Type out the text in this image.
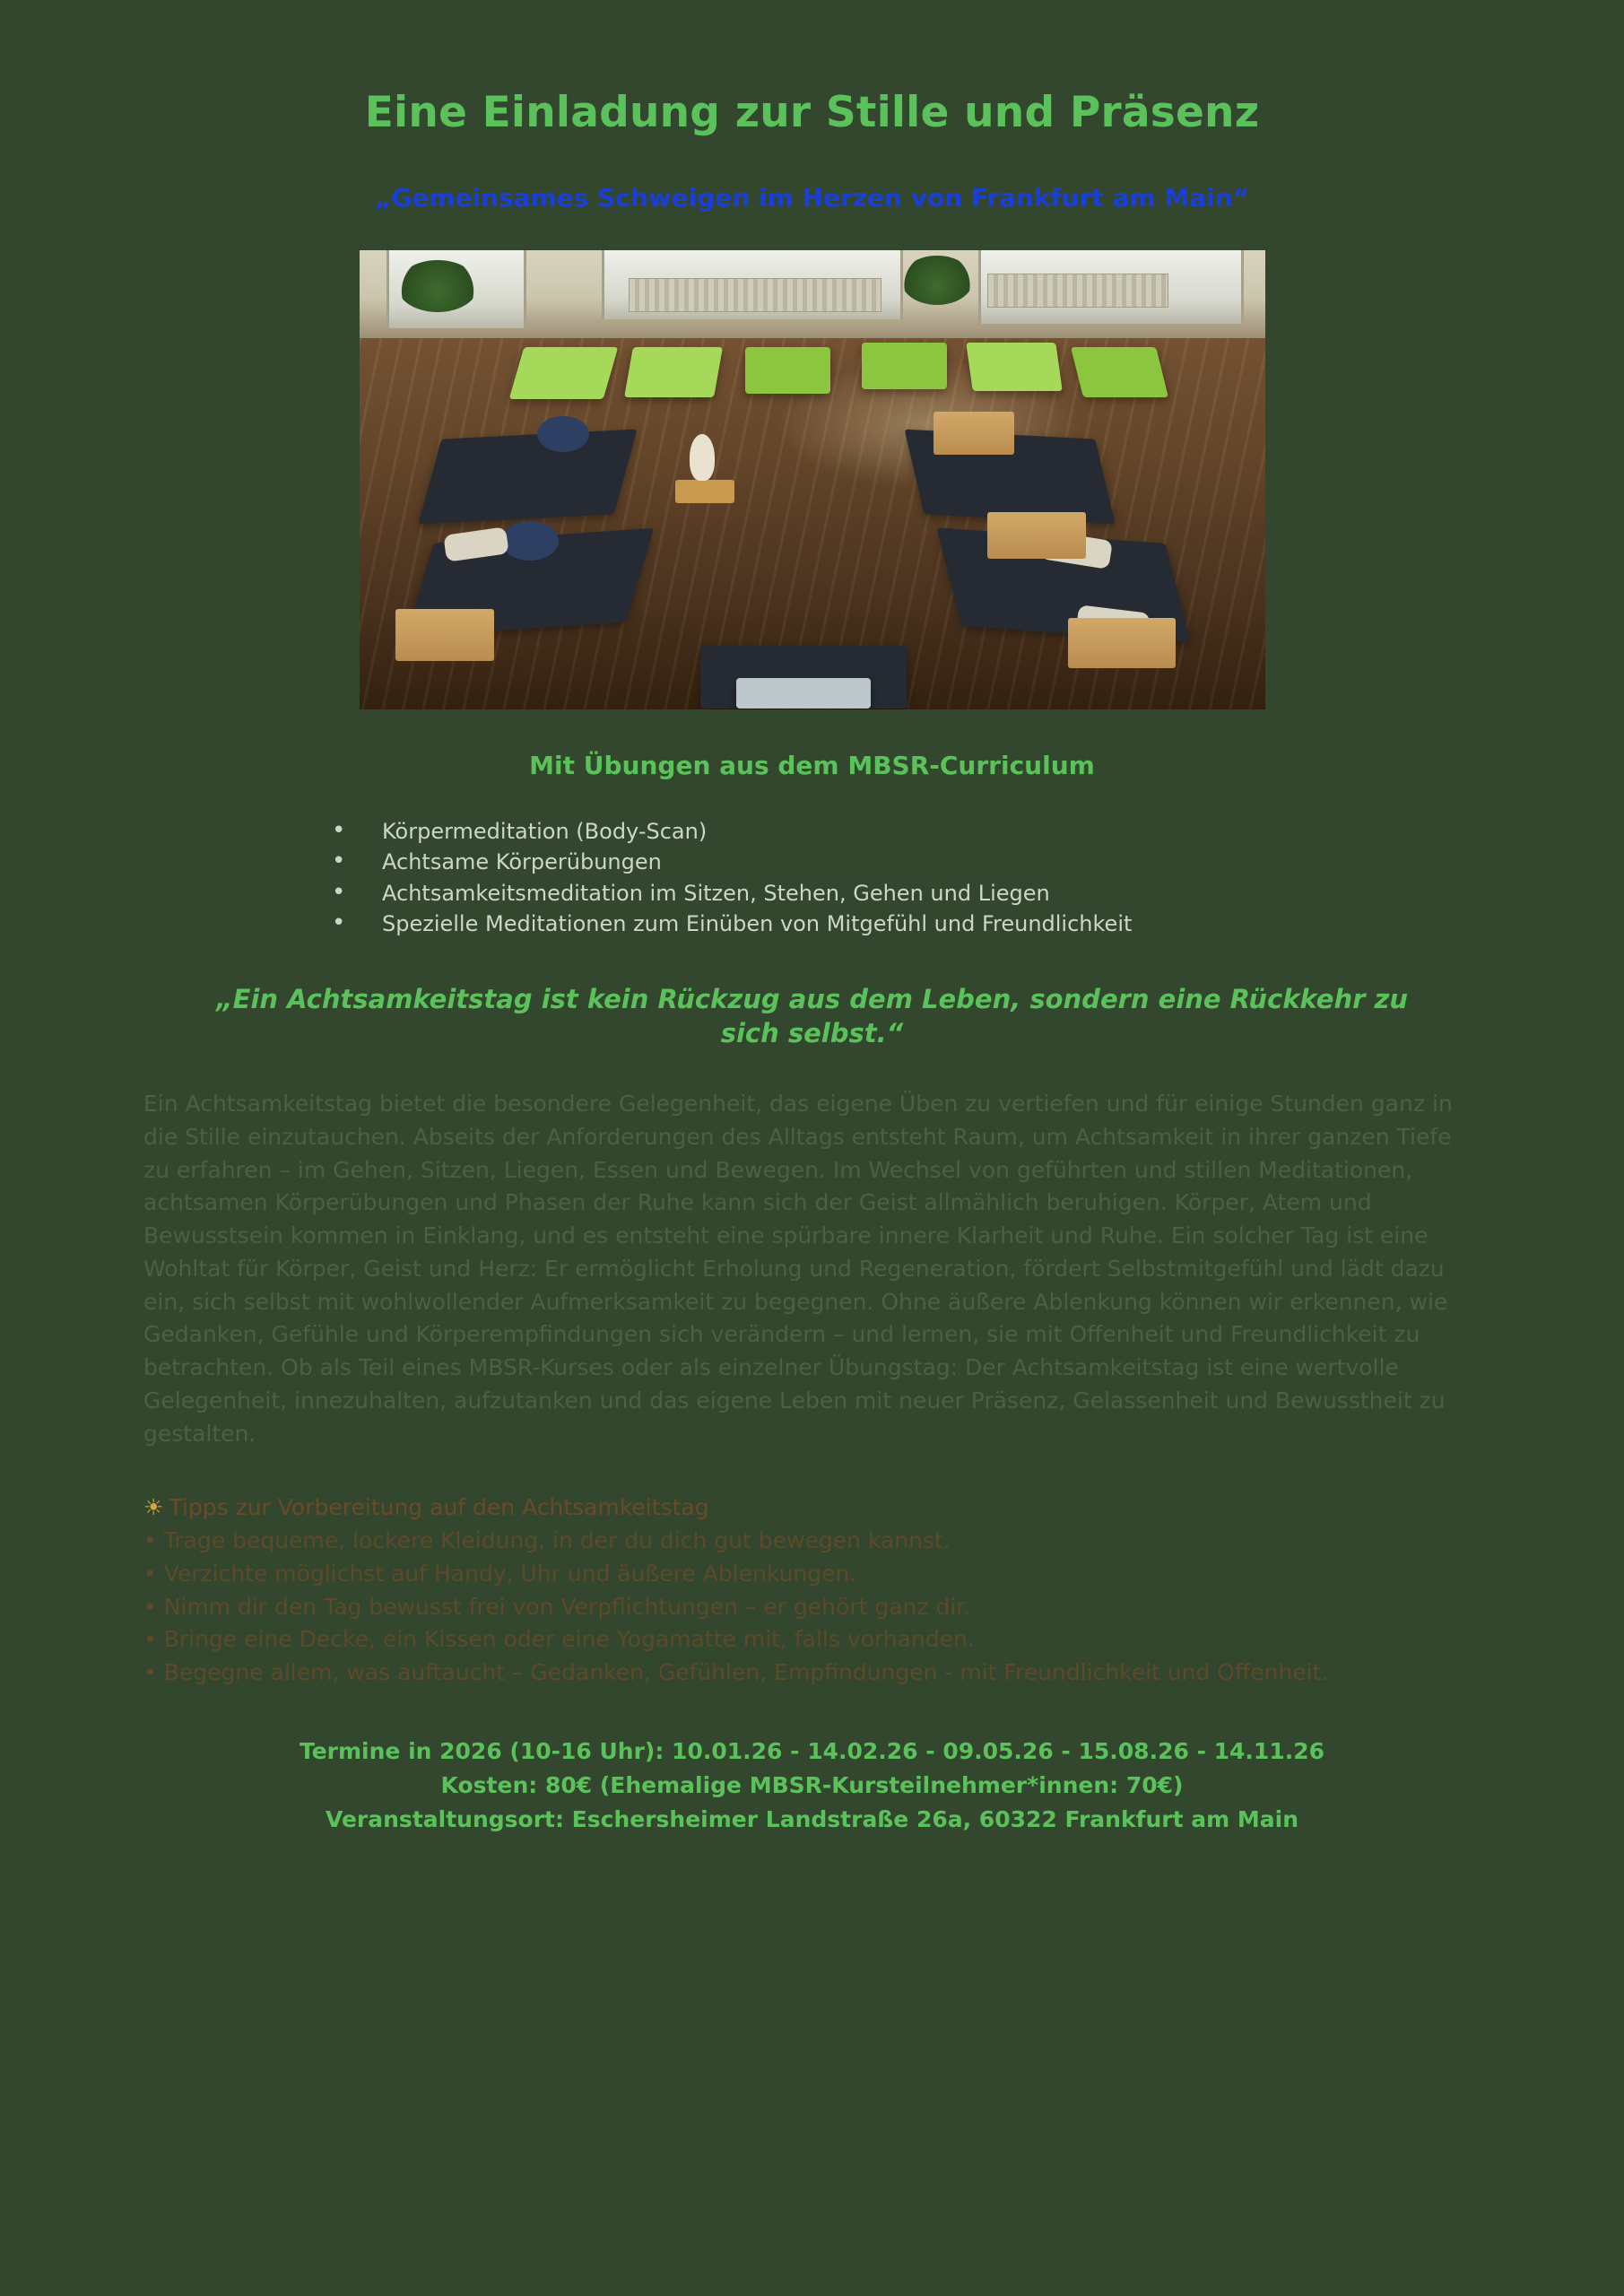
Eine Einladung zur Stille und Präsenz
„Gemeinsames Schweigen im Herzen von Frankfurt am Main“
Mit Übungen aus dem MBSR-Curriculum
• Körpermeditation (Body-Scan)
• Achtsame Körperübungen
• Achtsamkeitsmeditation im Sitzen, Stehen, Gehen und Liegen
• Spezielle Meditationen zum Einüben von Mitgefühl und Freundlichkeit

„Ein Achtsamkeitstag ist kein Rückzug aus dem Leben, sondern eine Rückkehr zu sich selbst.“

Ein Achtsamkeitstag bietet die besondere Gelegenheit, das eigene Üben zu vertiefen und für einige Stunden ganz in die Stille einzutauchen. Abseits der Anforderungen des Alltags entsteht Raum, um Achtsamkeit in ihrer ganzen Tiefe zu erfahren – im Gehen, Sitzen, Liegen, Essen und Bewegen. Im Wechsel von geführten und stillen Meditationen, achtsamen Körperübungen und Phasen der Ruhe kann sich der Geist allmählich beruhigen. Körper, Atem und Bewusstsein kommen in Einklang, und es entsteht eine spürbare innere Klarheit und Ruhe. Ein solcher Tag ist eine Wohltat für Körper, Geist und Herz: Er ermöglicht Erholung und Regeneration, fördert Selbstmitgefühl und lädt dazu ein, sich selbst mit wohlwollender Aufmerksamkeit zu begegnen. Ohne äußere Ablenkung können wir erkennen, wie Gedanken, Gefühle und Körperempfindungen sich verändern – und lernen, sie mit Offenheit und Freundlichkeit zu betrachten. Ob als Teil eines MBSR-Kurses oder als einzelner Übungstag: Der Achtsamkeitstag ist eine wertvolle Gelegenheit, innezuhalten, aufzutanken und das eigene Leben mit neuer Präsenz, Gelassenheit und Bewusstheit zu gestalten.

☀ Tipps zur Vorbereitung auf den Achtsamkeitstag
• Trage bequeme, lockere Kleidung, in der du dich gut bewegen kannst.
• Verzichte möglichst auf Handy, Uhr und äußere Ablenkungen.
• Nimm dir den Tag bewusst frei von Verpflichtungen – er gehört ganz dir.
• Bringe eine Decke, ein Kissen oder eine Yogamatte mit, falls vorhanden.
• Begegne allem, was auftaucht – Gedanken, Gefühlen, Empfindungen - mit Freundlichkeit und Offenheit.
Termine in 2026 (10-16 Uhr): 10.01.26 - 14.02.26 - 09.05.26 - 15.08.26 - 14.11.26
Kosten: 80€ (Ehemalige MBSR-Kursteilnehmer*innen: 70€)
Veranstaltungsort: Eschersheimer Landstraße 26a, 60322 Frankfurt am Main
